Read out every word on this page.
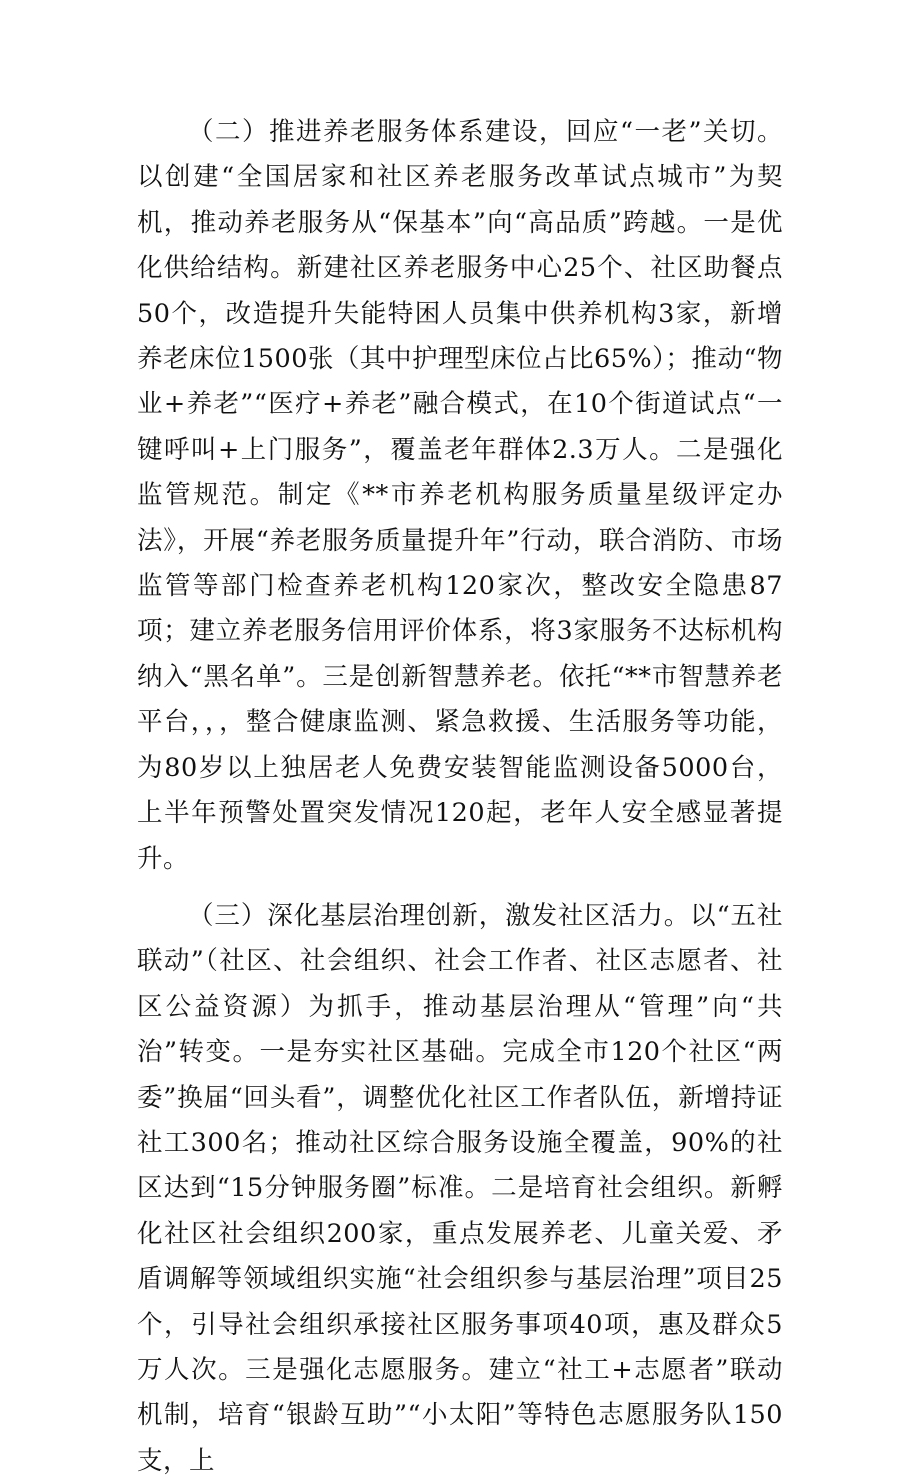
（二）推进养老服务体系建设，回应“一老”关切。以创建“全国居家和社区养老服务改革试点城市”为契机，推动养老服务从“保基本”向“高品质”跨越。一是优化供给结构。新建社区养老服务中心25个、社区助餐点50个，改造提升失能特困人员集中供养机构3家，新增养老床位1500张（其中护理型床位占比65%）；推动“物业+养老”“医疗+养老”融合模式，在10个街道试点“一键呼叫+上门服务”，覆盖老年群体2.3万人。二是强化监管规范。制定《**市养老机构服务质量星级评定办法》，开展“养老服务质量提升年”行动，联合消防、市场监管等部门检查养老机构120家次，整改安全隐患87项；建立养老服务信用评价体系，将3家服务不达标机构纳入“黑名单”。三是创新智慧养老。依托“**市智慧养老平台，，，整合健康监测、紧急救援、生活服务等功能，为80岁以上独居老人免费安装智能监测设备5000台，上半年预警处置突发情况120起，老年人安全感显著提升。

（三）深化基层治理创新，激发社区活力。以“五社联动”（社区、社会组织、社会工作者、社区志愿者、社区公益资源）为抓手，推动基层治理从“管理”向“共治”转变。一是夯实社区基础。完成全市120个社区“两委”换届“回头看”，调整优化社区工作者队伍，新增持证社工300名；推动社区综合服务设施全覆盖，90%的社区达到“15分钟服务圈”标准。二是培育社会组织。新孵化社区社会组织200家，重点发展养老、儿童关爱、矛盾调解等领域组织实施“社会组织参与基层治理”项目25个，引导社会组织承接社区服务事项40项，惠及群众5万人次。三是强化志愿服务。建立“社工+志愿者”联动机制，培育“银龄互助”“小太阳”等特色志愿服务队150支，上
